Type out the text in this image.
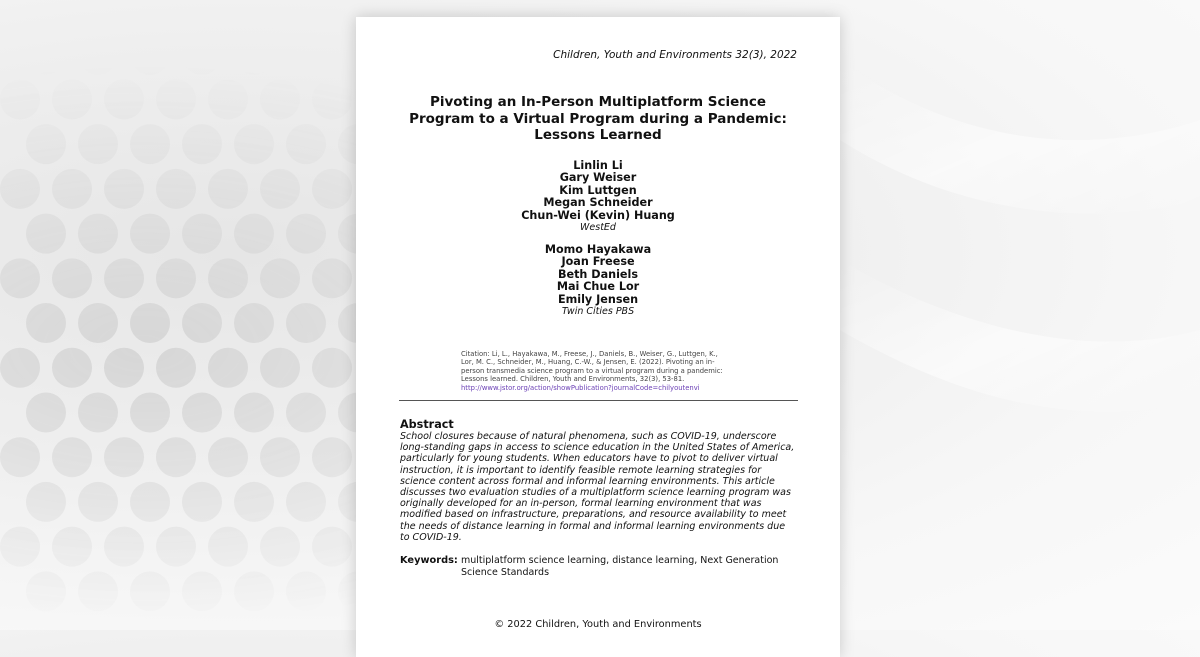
Children, Youth and Environments 32(3), 2022
Pivoting an In-Person Multiplatform Science
Program to a Virtual Program during a Pandemic:
Lessons Learned
Linlin Li
Gary Weiser
Kim Luttgen
Megan Schneider
Chun-Wei (Kevin) Huang
WestEd
Momo Hayakawa
Joan Freese
Beth Daniels
Mai Chue Lor
Emily Jensen
Twin Cities PBS
Citation: Li, L., Hayakawa, M., Freese, J., Daniels, B., Weiser, G., Luttgen, K.,
Lor, M. C., Schneider, M., Huang, C.-W., & Jensen, E. (2022). Pivoting an in-
person transmedia science program to a virtual program during a pandemic:
Lessons learned. Children, Youth and Environments, 32(3), 53-81.
http://www.jstor.org/action/showPublication?journalCode=chilyoutenvi
Abstract
School closures because of natural phenomena, such as COVID-19, underscore
long-standing gaps in access to science education in the United States of America,
particularly for young students. When educators have to pivot to deliver virtual
instruction, it is important to identify feasible remote learning strategies for
science content across formal and informal learning environments. This article
discusses two evaluation studies of a multiplatform science learning program was
originally developed for an in-person, formal learning environment that was
modified based on infrastructure, preparations, and resource availability to meet
the needs of distance learning in formal and informal learning environments due
to COVID-19.
Keywords: multiplatform science learning, distance learning, Next Generation Science Standards
© 2022 Children, Youth and Environments
